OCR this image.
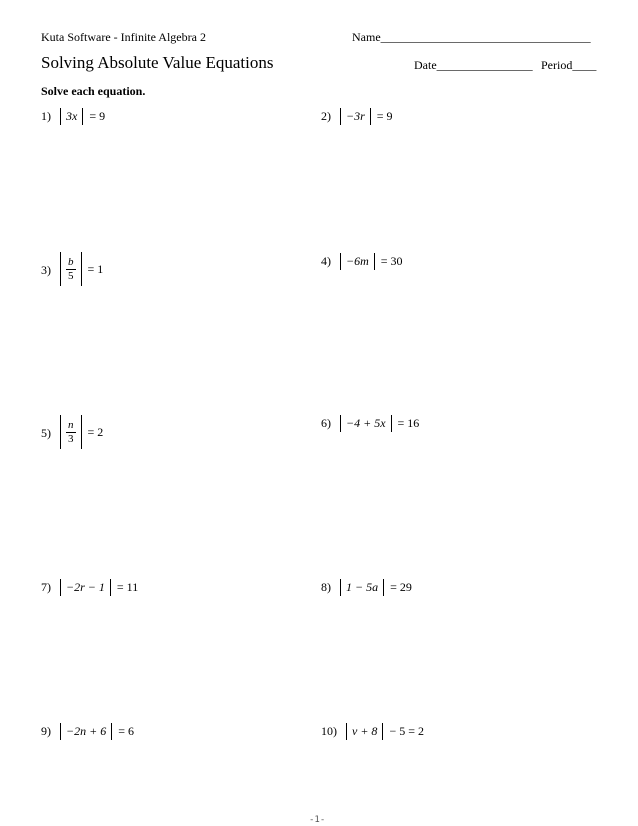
Kuta Software - Infinite Algebra 2	Name___________________________________
Solving Absolute Value Equations	Date________________ Period____
Solve each equation.
1) 3x = 9	2) −3r = 9
$3) \frac{b}{5} = 1$
4) −6m = 30
$5) \frac{n}{3} = 2$
6) −4 + 5x = 16
7) −2r − 1 = 11	8) 1 − 5a = 29
9) −2n + 6 = 6	10) v + 8 − 5 = 2
-1-
